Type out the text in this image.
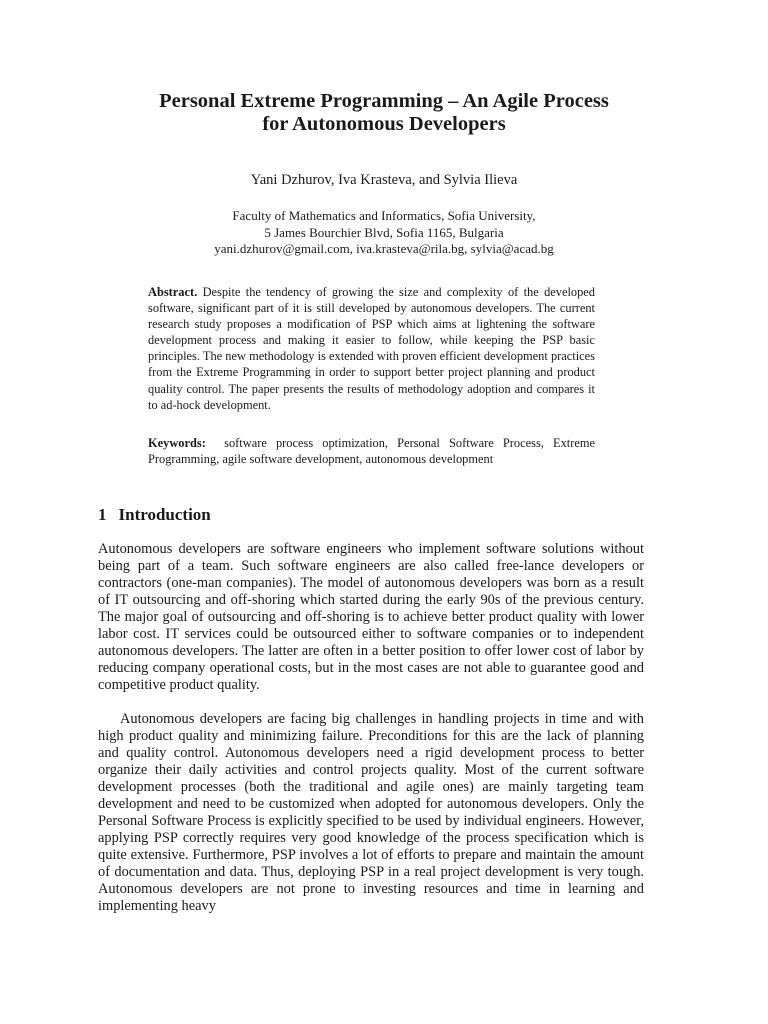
Personal Extreme Programming – An Agile Process
for Autonomous Developers

Yani Dzhurov, Iva Krasteva, and Sylvia Ilieva

Faculty of Mathematics and Informatics, Sofia University,
5 James Bourchier Blvd, Sofia 1165, Bulgaria
yani.dzhurov@gmail.com, iva.krasteva@rila.bg, sylvia@acad.bg

Abstract. Despite the tendency of growing the size and complexity of the developed software, significant part of it is still developed by autonomous developers. The current research study proposes a modification of PSP which aims at lightening the software development process and making it easier to follow, while keeping the PSP basic principles. The new methodology is extended with proven efficient development practices from the Extreme Programming in order to support better project planning and product quality control. The paper presents the results of methodology adoption and compares it to ad-hock development.

Keywords: software process optimization, Personal Software Process, Extreme Programming, agile software development, autonomous development

1 Introduction

Autonomous developers are software engineers who implement software solutions without being part of a team. Such software engineers are also called free-lance developers or contractors (one-man companies). The model of autonomous developers was born as a result of IT outsourcing and off-shoring which started during the early 90s of the previous century. The major goal of outsourcing and off-shoring is to achieve better product quality with lower labor cost. IT services could be outsourced either to software companies or to independent autonomous developers. The latter are often in a better position to offer lower cost of labor by reducing company operational costs, but in the most cases are not able to guarantee good and competitive product quality.

Autonomous developers are facing big challenges in handling projects in time and with high product quality and minimizing failure. Preconditions for this are the lack of planning and quality control. Autonomous developers need a rigid development process to better organize their daily activities and control projects quality. Most of the current software development processes (both the traditional and agile ones) are mainly targeting team development and need to be customized when adopted for autonomous developers. Only the Personal Software Process is explicitly specified to be used by individual engineers. However, applying PSP correctly requires very good knowledge of the process specification which is quite extensive. Furthermore, PSP involves a lot of efforts to prepare and maintain the amount of documentation and data. Thus, deploying PSP in a real project development is very tough. Autonomous developers are not prone to investing resources and time in learning and implementing heavy
